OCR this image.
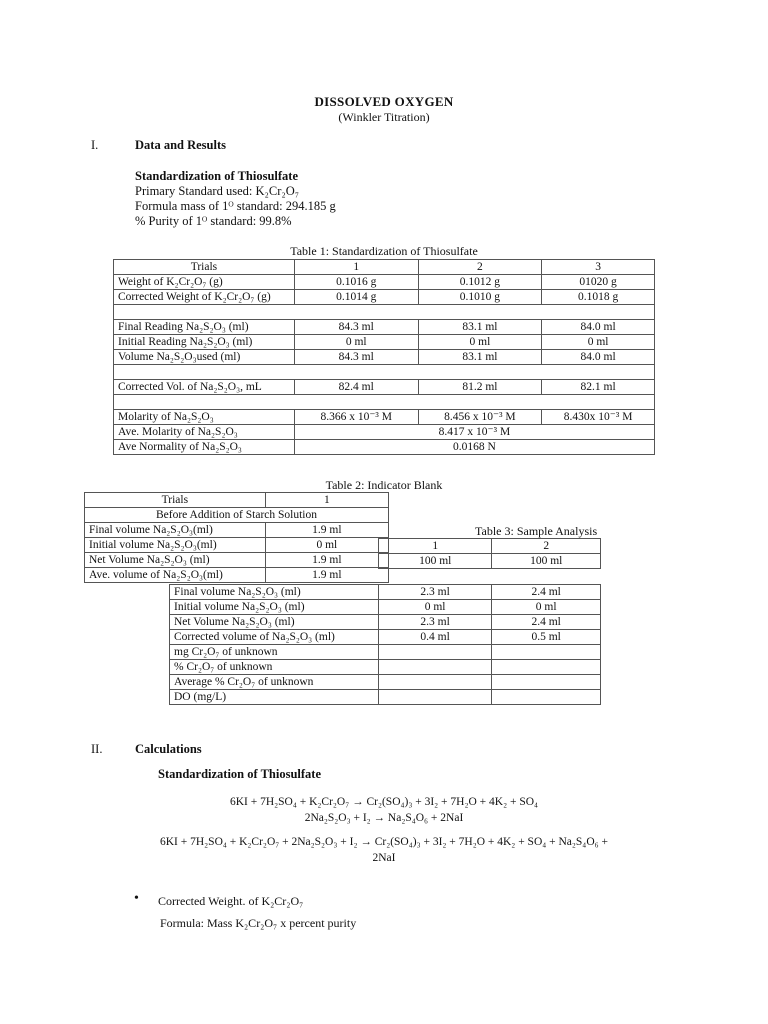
DISSOLVED OXYGEN
(Winkler Titration)
I.	Data and Results
Standardization of Thiosulfate
Primary Standard used: K₂Cr₂O₇
Formula mass of 1ᴼ standard: 294.185 g
% Purity of 1ᴼ standard: 99.8%
Table 1: Standardization of Thiosulfate
Trials	1	2	3
Weight of K₂Cr₂O₇ (g)	0.1016 g	0.1012 g	01020 g
Corrected Weight of K₂Cr₂O₇ (g)	0.1014 g	0.1010 g	0.1018 g

Final Reading Na₂S₂O₃ (ml)	84.3 ml	83.1 ml	84.0 ml
Initial Reading Na₂S₂O₃ (ml)	0 ml	0 ml	0 ml
Volume Na₂S₂O₃used (ml)	84.3 ml	83.1 ml	84.0 ml

Corrected Vol. of Na₂S₂O₃, mL	82.4 ml	81.2 ml	82.1 ml

Molarity of Na₂S₂O₃	8.366 x 10⁻³ M	8.456 x 10⁻³ M	8.430x 10⁻³ M
Ave. Molarity of Na₂S₂O₃	8.417 x 10⁻³ M		
Ave Normality of Na₂S₂O₃	0.0168 N		
Table 2: Indicator Blank
Trials	1
Before Addition of Starch Solution	
Final volume Na₂S₂O₃(ml)	1.9 ml
Initial volume Na₂S₂O₃(ml)	0 ml
Net Volume Na₂S₂O₃ (ml)	1.9 ml
Ave. volume of Na₂S₂O₃(ml)	1.9 ml
Table 3: Sample Analysis
1	2
100 ml	100 ml
Final volume Na₂S₂O₃ (ml)	2.3 ml	2.4 ml
Initial volume Na₂S₂O₃ (ml)	0 ml	0 ml
Net Volume Na₂S₂O₃ (ml)	2.3 ml	2.4 ml
Corrected volume of Na₂S₂O₃ (ml)	0.4 ml	0.5 ml
mg Cr₂O₇ of unknown		
% Cr₂O₇ of unknown		
Average % Cr₂O₇ of unknown		
DO (mg/L)		
II.	Calculations
Standardization of Thiosulfate
6KI + 7H₂SO₄ + K₂Cr₂O₇ → Cr₂(SO₄)₃ + 3I₂ + 7H₂O + 4K₂ + SO₄
2Na₂S₂O₃ + I₂ → Na₂S₄O₆ + 2NaI
6KI + 7H₂SO₄ + K₂Cr₂O₇ + 2Na₂S₂O₃ + I₂ → Cr₂(SO₄)₃ + 3I₂ + 7H₂O + 4K₂ + SO₄ + Na₂S₄O₆ +
2NaI
• Corrected Weight. of K₂Cr₂O₇
Formula: Mass K₂Cr₂O₇ x percent purity
